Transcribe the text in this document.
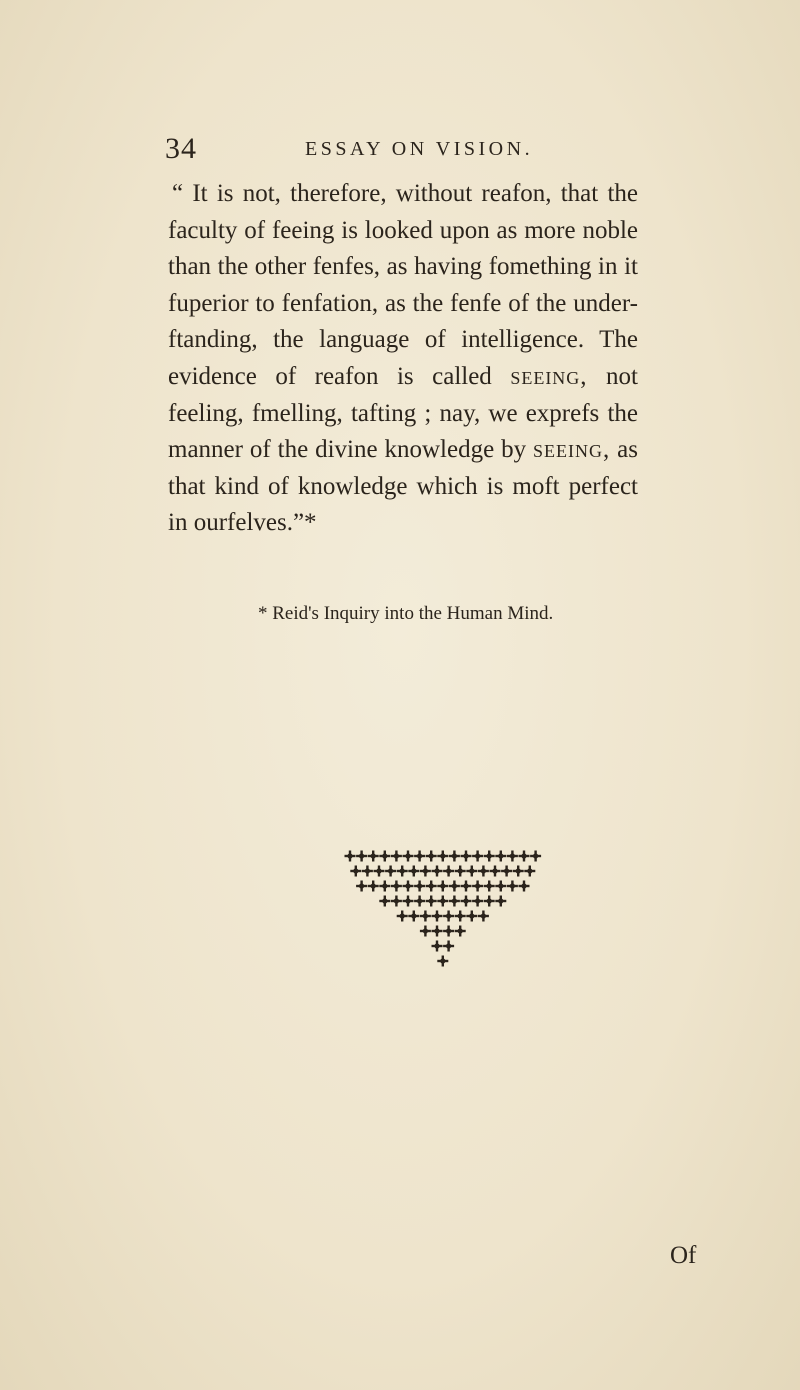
34	ESSAY ON VISION.

“ It is not, therefore, without reafon, that the faculty of feeing is looked upon as more noble than the other fenfes, as having fomething in it fuperior to fenfation, as the fenfe of the under-ftanding, the language of intelligence. The evidence of reafon is called seeing, not feeling, fmelling, tafting ; nay, we exprefs the manner of the divine knowledge by seeing, as that kind of knowledge which is moft perfect in ourfelves.”*

* Reid's Inquiry into the Human Mind.
Of
